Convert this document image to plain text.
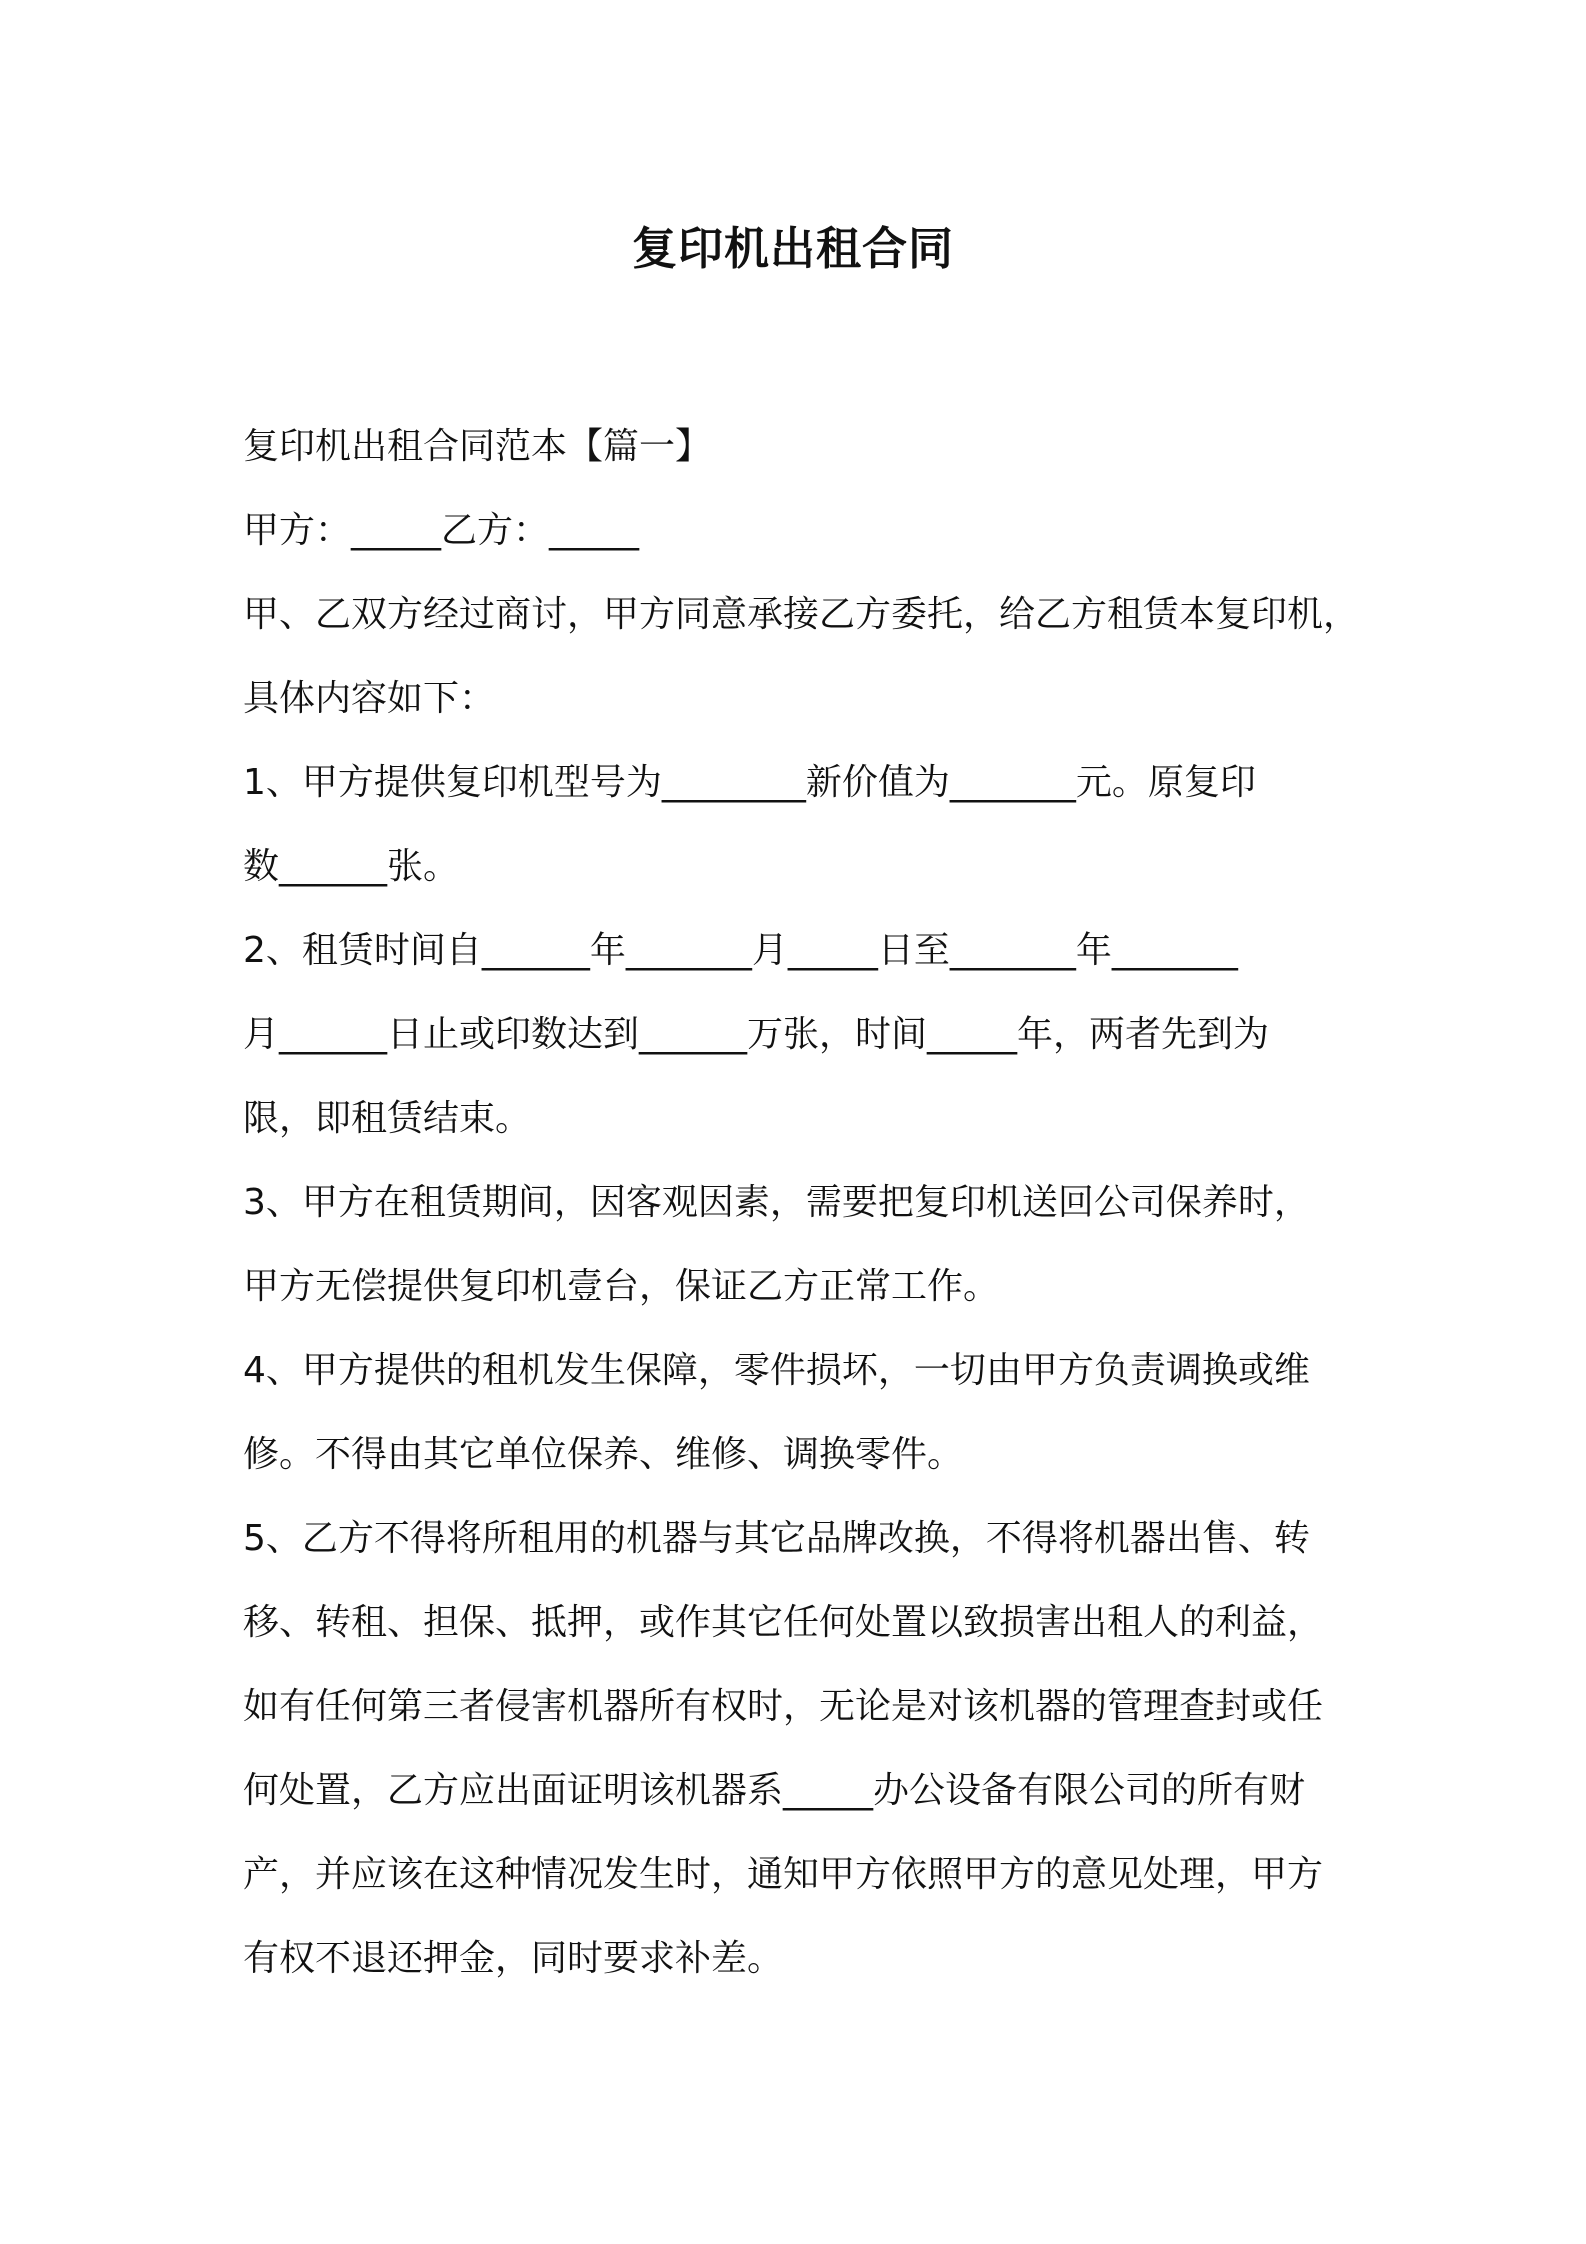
复印机出租合同

复印机出租合同范本【篇一】

甲方：_____乙方：_____

甲、乙双方经过商讨，甲方同意承接乙方委托，给乙方租赁本复印机，

具体内容如下：

1、甲方提供复印机型号为________新价值为_______元。原复印

数______张。

2、租赁时间自______年_______月_____日至_______年_______

月______日止或印数达到______万张，时间_____年，两者先到为

限，即租赁结束。

3、甲方在租赁期间，因客观因素，需要把复印机送回公司保养时，

甲方无偿提供复印机壹台，保证乙方正常工作。

4、甲方提供的租机发生保障，零件损坏，一切由甲方负责调换或维

修。不得由其它单位保养、维修、调换零件。

5、乙方不得将所租用的机器与其它品牌改换，不得将机器出售、转

移、转租、担保、抵押，或作其它任何处置以致损害出租人的利益，

如有任何第三者侵害机器所有权时，无论是对该机器的管理查封或任

何处置，乙方应出面证明该机器系_____办公设备有限公司的所有财

产，并应该在这种情况发生时，通知甲方依照甲方的意见处理，甲方

有权不退还押金，同时要求补差。
